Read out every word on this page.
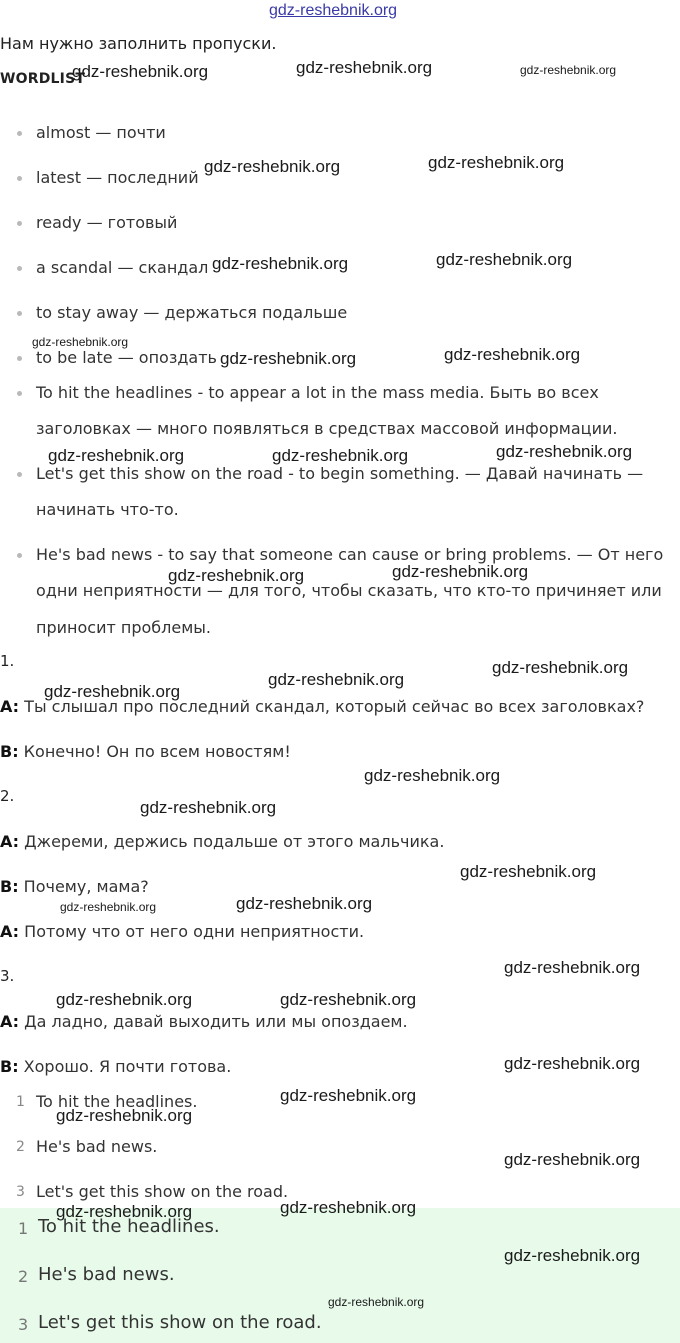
gdz-reshebnik.org
Нам нужно заполнить пропуски.
WORDLIST
almost — почти
latest — последний
ready — готовый
a scandal — скандал
to stay away — держаться подальше
to be late — опоздать
To hit the headlines - to appear a lot in the mass media. Быть во всех
заголовках — много появляться в средствах массовой информации.
Let's get this show on the road - to begin something. — Давай начинать —
начинать что-то.
He's bad news - to say that someone can cause or bring problems. — От него
одни неприятности — для того, чтобы сказать, что кто-то причиняет или
приносит проблемы.
1.
A: Ты слышал про последний скандал, который сейчас во всех заголовках?
B: Конечно! Он по всем новостям!
2.
A: Джереми, держись подальше от этого мальчика.
B: Почему, мама?
A: Потому что от него одни неприятности.
3.
A: Да ладно, давай выходить или мы опоздаем.
B: Хорошо. Я почти готова.
1 To hit the headlines.
2 He's bad news.
3 Let's get this show on the road.
1 To hit the headlines.
2 He's bad news.
3 Let's get this show on the road.
gdz-reshebnik.org	gdz-reshebnik.org	gdz-reshebnik.org
gdz-reshebnik.org	gdz-reshebnik.org
gdz-reshebnik.org	gdz-reshebnik.org
gdz-reshebnik.org
gdz-reshebnik.org	gdz-reshebnik.org
gdz-reshebnik.org	gdz-reshebnik.org	gdz-reshebnik.org
gdz-reshebnik.org	gdz-reshebnik.org
gdz-reshebnik.org
gdz-reshebnik.org
gdz-reshebnik.org
gdz-reshebnik.org
gdz-reshebnik.org
gdz-reshebnik.org
gdz-reshebnik.org	gdz-reshebnik.org
gdz-reshebnik.org
gdz-reshebnik.org	gdz-reshebnik.org
gdz-reshebnik.org
gdz-reshebnik.org
gdz-reshebnik.org
gdz-reshebnik.org
gdz-reshebnik.org
gdz-reshebnik.org
gdz-reshebnik.org
gdz-reshebnik.org
